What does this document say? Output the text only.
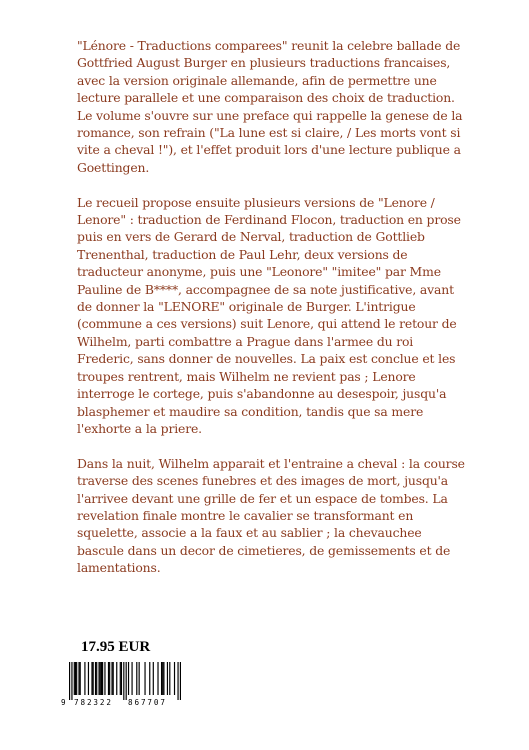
"Lénore - Traductions comparees" reunit la celebre ballade de Gottfried August Burger en plusieurs traductions francaises, avec la version originale allemande, afin de permettre une lecture parallele et une comparaison des choix de traduction. Le volume s'ouvre sur une preface qui rappelle la genese de la romance, son refrain ("La lune est si claire, / Les morts vont si vite a cheval !"), et l'effet produit lors d'une lecture publique a Goettingen.

Le recueil propose ensuite plusieurs versions de "Lenore / Lenore" : traduction de Ferdinand Flocon, traduction en prose puis en vers de Gerard de Nerval, traduction de Gottlieb Trenenthal, traduction de Paul Lehr, deux versions de traducteur anonyme, puis une "Leonore" "imitee" par Mme Pauline de B****, accompagnee de sa note justificative, avant de donner la "LENORE" originale de Burger. L'intrigue (commune a ces versions) suit Lenore, qui attend le retour de Wilhelm, parti combattre a Prague dans l'armee du roi Frederic, sans donner de nouvelles. La paix est conclue et les troupes rentrent, mais Wilhelm ne revient pas ; Lenore interroge le cortege, puis s'abandonne au desespoir, jusqu'a blasphemer et maudire sa condition, tandis que sa mere l'exhorte a la priere.

Dans la nuit, Wilhelm apparait et l'entraine a cheval : la course traverse des scenes funebres et des images de mort, jusqu'a l'arrivee devant une grille de fer et un espace de tombes. La revelation finale montre le cavalier se transformant en squelette, associe a la faux et au sablier ; la chevauchee bascule dans un decor de cimetieres, de gemissements et de lamentations.

17.95 EUR

9

782322

867707
